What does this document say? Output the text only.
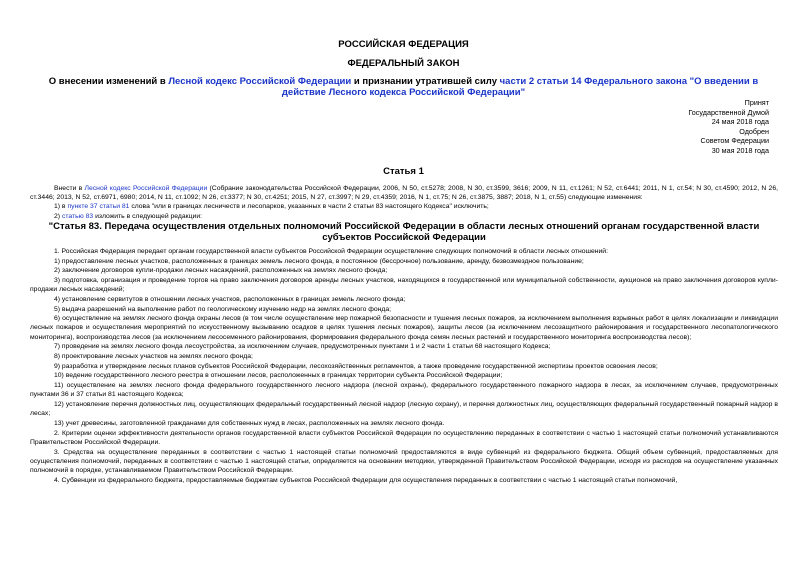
РОССИЙСКАЯ ФЕДЕРАЦИЯ
ФЕДЕРАЛЬНЫЙ ЗАКОН
О внесении изменений в Лесной кодекс Российской Федерации и признании утратившей силу части 2 статьи 14 Федерального закона "О введении в действие Лесного кодекса Российской Федерации"
Принят
Государственной Думой
24 мая 2018 года
Одобрен
Советом Федерации
30 мая 2018 года
Статья 1

Внести в Лесной кодекс Российской Федерации (Собрание законодательства Российской Федерации, 2006, N 50, ст.5278; 2008, N 30, ст.3599, 3616; 2009, N 11, ст.1261; N 52, ст.6441; 2011, N 1, ст.54; N 30, ст.4590; 2012, N 26, ст.3446; 2013, N 52, ст.6971, 6980; 2014, N 11, ст.1092; N 26, ст.3377; N 30, ст.4251; 2015, N 27, ст.3997; N 29, ст.4359; 2016, N 1, ст.75; N 26, ст.3875, 3887; 2018, N 1, ст.55) следующие изменения:

1) в пункте 37 статьи 81 слова "или в границах лесничеств и лесопарков, указанных в части 2 статьи 83 настоящего Кодекса" исключить;

2) статью 83 изложить в следующей редакции:

"Статья 83. Передача осуществления отдельных полномочий Российской Федерации в области лесных отношений органам государственной власти субъектов Российской Федерации

1. Российская Федерация передает органам государственной власти субъектов Российской Федерации осуществление следующих полномочий в области лесных отношений:

1) предоставление лесных участков, расположенных в границах земель лесного фонда, в постоянное (бессрочное) пользование, аренду, безвозмездное пользование;

2) заключение договоров купли-продажи лесных насаждений, расположенных на землях лесного фонда;

3) подготовка, организация и проведение торгов на право заключения договоров аренды лесных участков, находящихся в государственной или муниципальной собственности, аукционов на право заключения договоров купли-продажи лесных насаждений;

4) установление сервитутов в отношении лесных участков, расположенных в границах земель лесного фонда;

5) выдача разрешений на выполнение работ по геологическому изучению недр на землях лесного фонда;

6) осуществление на землях лесного фонда охраны лесов (в том числе осуществление мер пожарной безопасности и тушения лесных пожаров, за исключением выполнения взрывных работ в целях локализации и ликвидации лесных пожаров и осуществления мероприятий по искусственному вызыванию осадков в целях тушения лесных пожаров), защиты лесов (за исключением лесозащитного районирования и государственного лесопатологического мониторинга), воспроизводства лесов (за исключением лесосеменного районирования, формирования федерального фонда семян лесных растений и государственного мониторинга воспроизводства лесов);

7) проведение на землях лесного фонда лесоустройства, за исключением случаев, предусмотренных пунктами 1 и 2 части 1 статьи 68 настоящего Кодекса;

8) проектирование лесных участков на землях лесного фонда;

9) разработка и утверждение лесных планов субъектов Российской Федерации, лесохозяйственных регламентов, а также проведение государственной экспертизы проектов освоения лесов;

10) ведение государственного лесного реестра в отношении лесов, расположенных в границах территории субъекта Российской Федерации;

11) осуществление на землях лесного фонда федерального государственного лесного надзора (лесной охраны), федерального государственного пожарного надзора в лесах, за исключением случаев, предусмотренных пунктами 36 и 37 статьи 81 настоящего Кодекса;

12) установление перечня должностных лиц, осуществляющих федеральный государственный лесной надзор (лесную охрану), и перечня должностных лиц, осуществляющих федеральный государственный пожарный надзор в лесах;

13) учет древесины, заготовленной гражданами для собственных нужд в лесах, расположенных на землях лесного фонда.

2. Критерии оценки эффективности деятельности органов государственной власти субъектов Российской Федерации по осуществлению переданных в соответствии с частью 1 настоящей статьи полномочий устанавливаются Правительством Российской Федерации.

3. Средства на осуществление переданных в соответствии с частью 1 настоящей статьи полномочий предоставляются в виде субвенций из федерального бюджета. Общий объем субвенций, предоставляемых для осуществления полномочий, переданных в соответствии с частью 1 настоящей статьи, определяется на основании методики, утвержденной Правительством Российской Федерации, исходя из расходов на осуществление указанных полномочий в порядке, устанавливаемом Правительством Российской Федерации.

4. Субвенции из федерального бюджета, предоставляемые бюджетам субъектов Российской Федерации для осуществления переданных в соответствии с частью 1 настоящей статьи полномочий,
